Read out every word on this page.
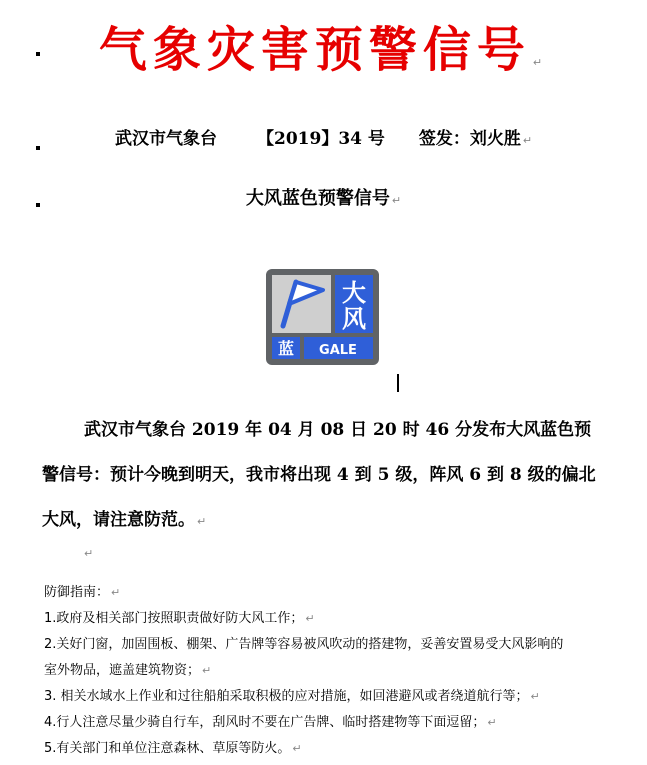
气象灾害预警信号 ↵
武汉市气象台 【2019】34 号 签发：刘火胜 ↵
大风蓝色预警信号 ↵
大
风
蓝 GALE
武汉市气象台 2019 年 04 月 08 日 20 时 46 分发布大风蓝色预警信号：预计今晚到明天，我市将出现 4 到 5 级，阵风 6 到 8 级的偏北大风，请注意防范。 ↵
↵
防御指南： ↵
1.政府及相关部门按照职责做好防大风工作； ↵
2.关好门窗，加固围板、棚架、广告牌等容易被风吹动的搭建物，妥善安置易受大风影响的
室外物品，遮盖建筑物资； ↵
3. 相关水域水上作业和过往船舶采取积极的应对措施，如回港避风或者绕道航行等； ↵
4.行人注意尽量少骑自行车，刮风时不要在广告牌、临时搭建物等下面逗留； ↵
5.有关部门和单位注意森林、草原等防火。 ↵
